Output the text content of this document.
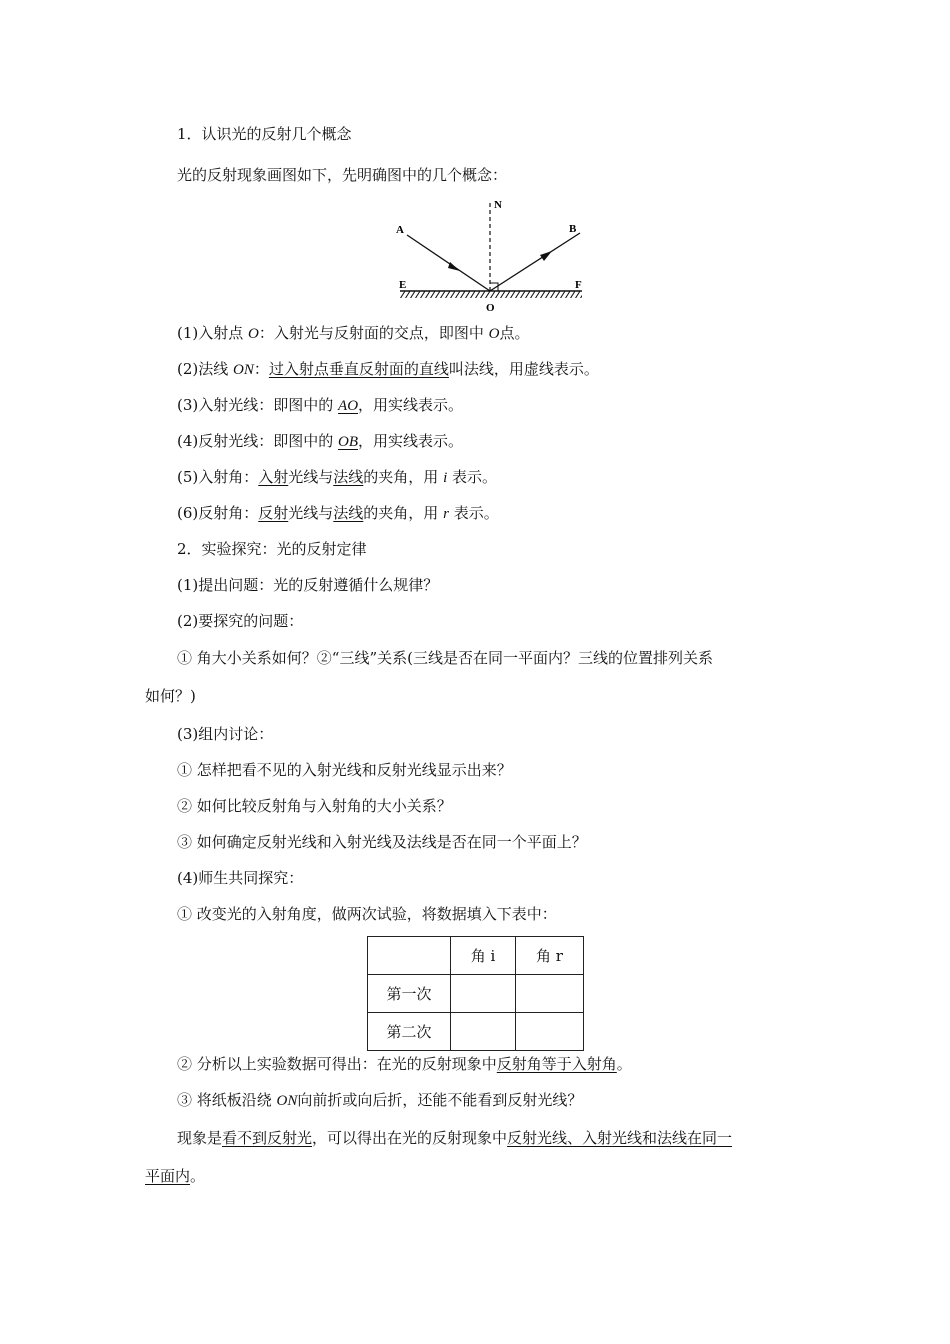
1．认识光的反射几个概念
光的反射现象画图如下，先明确图中的几个概念：
A	B
N
E	F
O
(1)入射点 O：入射光与反射面的交点，即图中 O点。
(2)法线 ON：过入射点垂直反射面的直线叫法线，用虚线表示。
(3)入射光线：即图中的 AO，用实线表示。
(4)反射光线：即图中的 OB，用实线表示。
(5)入射角：入射光线与法线的夹角，用 i 表示。
(6)反射角：反射光线与法线的夹角，用 r 表示。
2．实验探究：光的反射定律
(1)提出问题：光的反射遵循什么规律？
(2)要探究的问题：
① 角大小关系如何？②“三线”关系(三线是否在同一平面内？三线的位置排列关系
如何？)
(3)组内讨论：
① 怎样把看不见的入射光线和反射光线显示出来？
② 如何比较反射角与入射角的大小关系？
③ 如何确定反射光线和入射光线及法线是否在同一个平面上？
(4)师生共同探究：
① 改变光的入射角度，做两次试验，将数据填入下表中：
	角 i	角 r
第一次		
第二次		
② 分析以上实验数据可得出：在光的反射现象中反射角等于入射角。
③ 将纸板沿绕 ON向前折或向后折，还能不能看到反射光线？
现象是看不到反射光，可以得出在光的反射现象中反射光线、入射光线和法线在同一
平面内。
